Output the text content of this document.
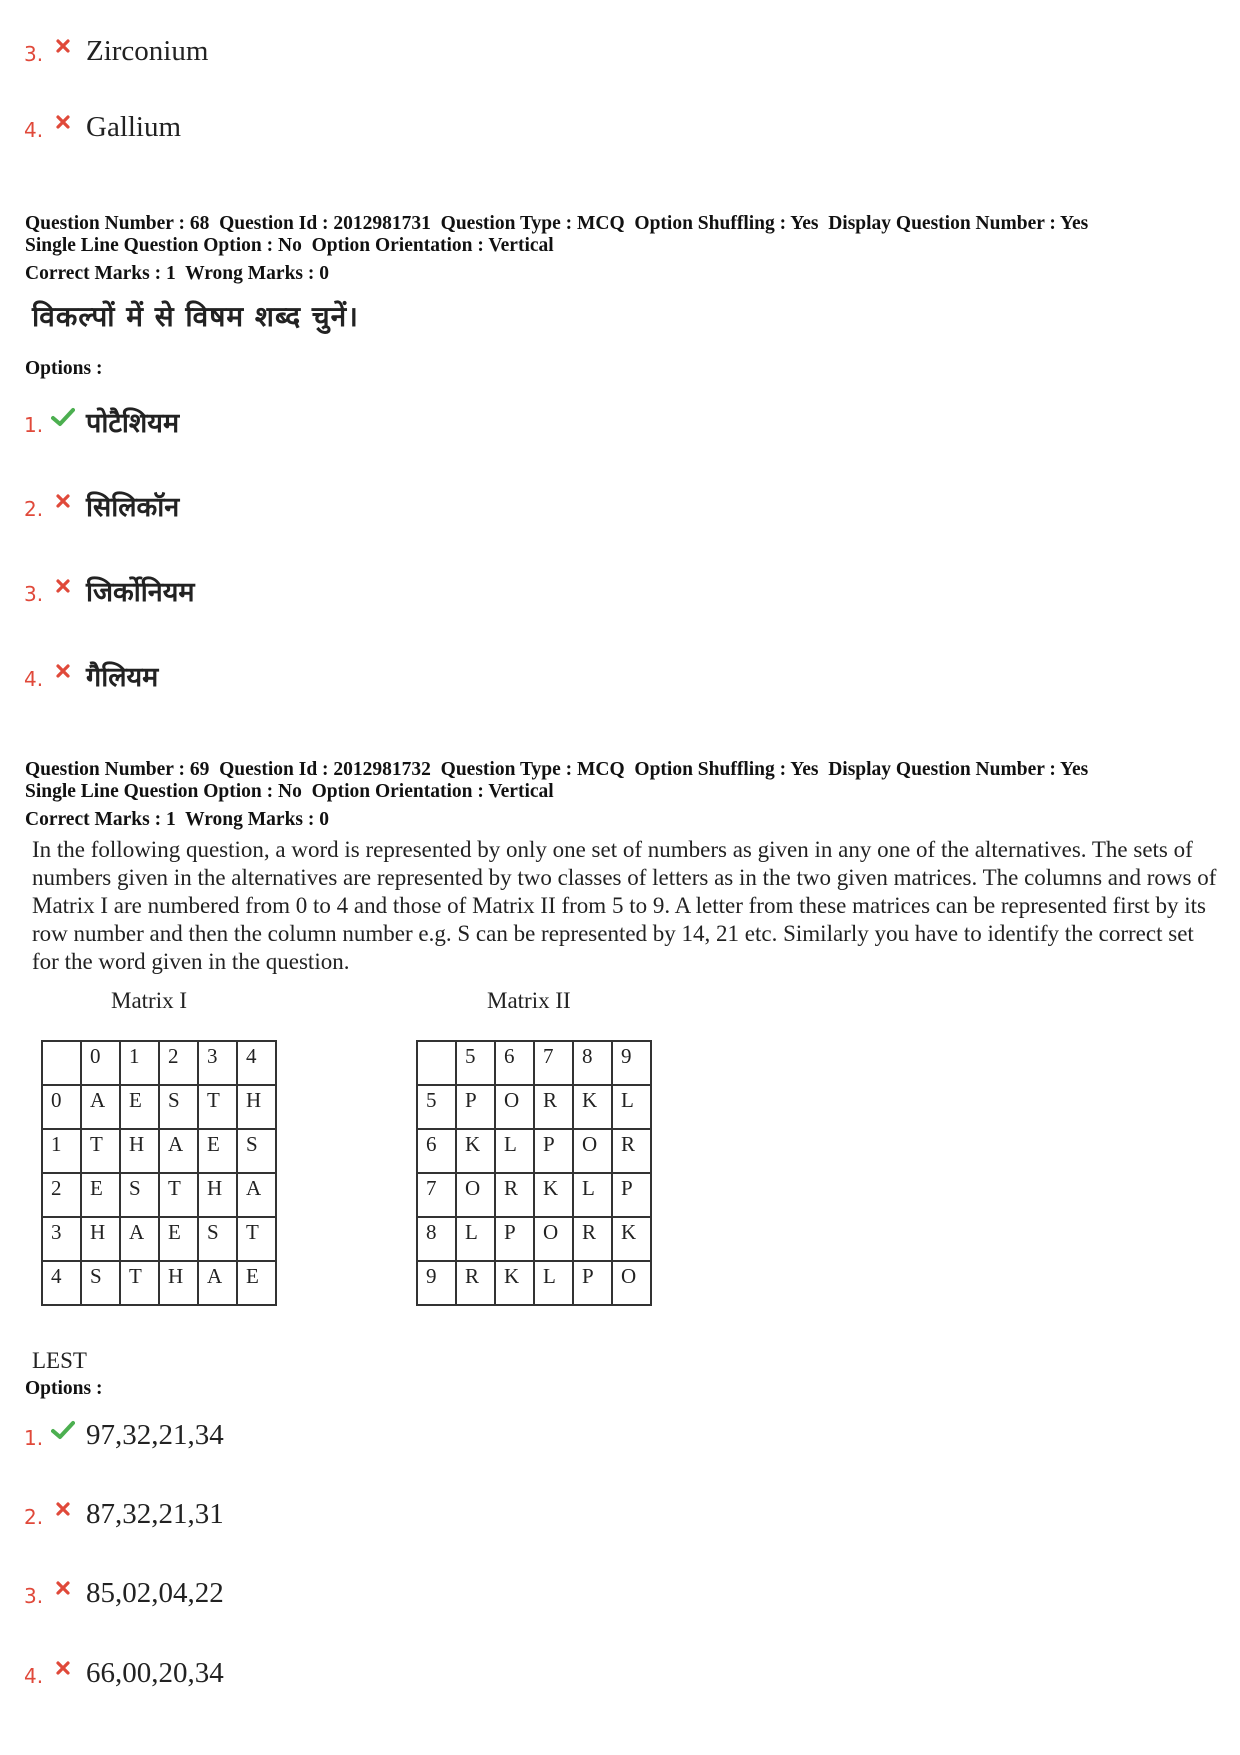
3. Zirconium
4. Gallium
Question Number : 68  Question Id : 2012981731  Question Type : MCQ  Option Shuffling : Yes  Display Question Number : Yes
Single Line Question Option : No  Option Orientation : Vertical
Correct Marks : 1  Wrong Marks : 0
विकल्पों में से विषम शब्द चुनें।
Options :
1. पोटैशियम
2. सिलिकॉन
3. जिर्कोनियम
4. गैलियम
Question Number : 69  Question Id : 2012981732  Question Type : MCQ  Option Shuffling : Yes  Display Question Number : Yes
Single Line Question Option : No  Option Orientation : Vertical
Correct Marks : 1  Wrong Marks : 0
In the following question, a word is represented by only one set of numbers as given in any one of the alternatives. The sets of numbers given in the alternatives are represented by two classes of letters as in the two given matrices. The columns and rows of Matrix I are numbered from 0 to 4 and those of Matrix II from 5 to 9. A letter from these matrices can be represented first by its row number and then the column number e.g. S can be represented by 14, 21 etc. Similarly you have to identify the correct set for the word given in the question.
Matrix I	Matrix II
	0	1	2	3	4
0	A	E	S	T	H
1	T	H	A	E	S
2	E	S	T	H	A
3	H	A	E	S	T
4	S	T	H	A	E
	5	6	7	8	9
5	P	O	R	K	L
6	K	L	P	O	R
7	O	R	K	L	P
8	L	P	O	R	K
9	R	K	L	P	O
LEST
Options :
1. 97,32,21,34
2. 87,32,21,31
3. 85,02,04,22
4. 66,00,20,34
